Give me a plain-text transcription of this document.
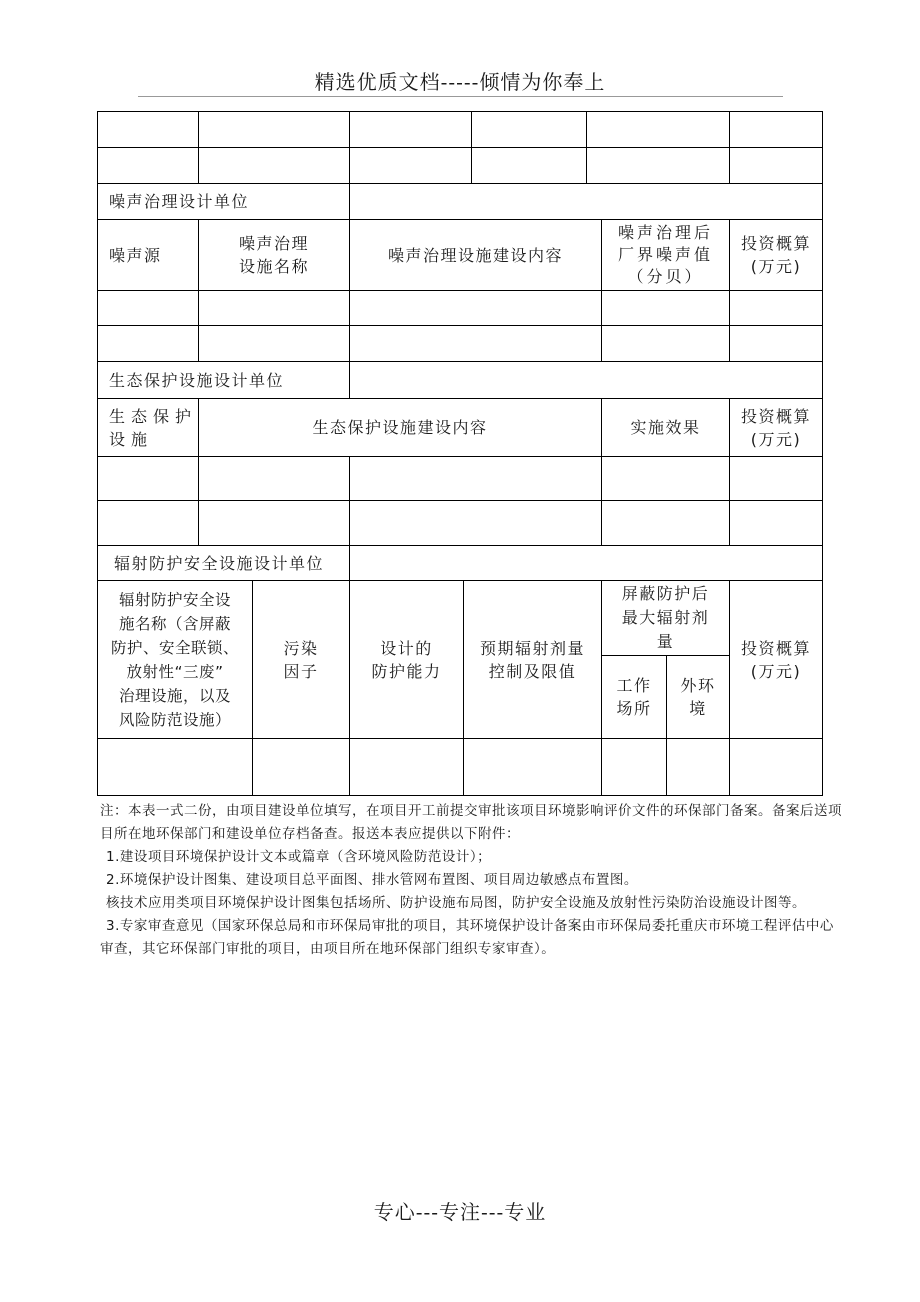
精选优质文档-----倾情为你奉上
噪声治理设计单位
噪声源
噪声治理
设施名称
噪声治理设施建设内容
噪声治理后
厂界噪声值
（分贝）
投资概算
(万元)
生态保护设施设计单位
生态保护
设施
生态保护设施建设内容	实施效果
投资概算
(万元)
辐射防护安全设施设计单位
辐射防护安全设
施名称（含屏蔽
防护、安全联锁、
放射性“三废”
治理设施，以及
风险防范设施）
污染
因子
设计的
防护能力
预期辐射剂量
控制及限值
屏蔽防护后
最大辐射剂
量
工作
场所
外环
境
投资概算
(万元)

注：本表一式二份，由项目建设单位填写，在项目开工前提交审批该项目环境影响评价文件的环保部门备案。备案后送项目所在地环保部门和建设单位存档备查。报送本表应提供以下附件：

1.建设项目环境保护设计文本或篇章（含环境风险防范设计）；

2.环境保护设计图集、建设项目总平面图、排水管网布置图、项目周边敏感点布置图。

核技术应用类项目环境保护设计图集包括场所、防护设施布局图，防护安全设施及放射性污染防治设施设计图等。

3.专家审查意见（国家环保总局和市环保局审批的项目，其环境保护设计备案由市环保局委托重庆市环境工程评估中心审查，其它环保部门审批的项目，由项目所在地环保部门组织专家审查）。

专心---专注---专业
